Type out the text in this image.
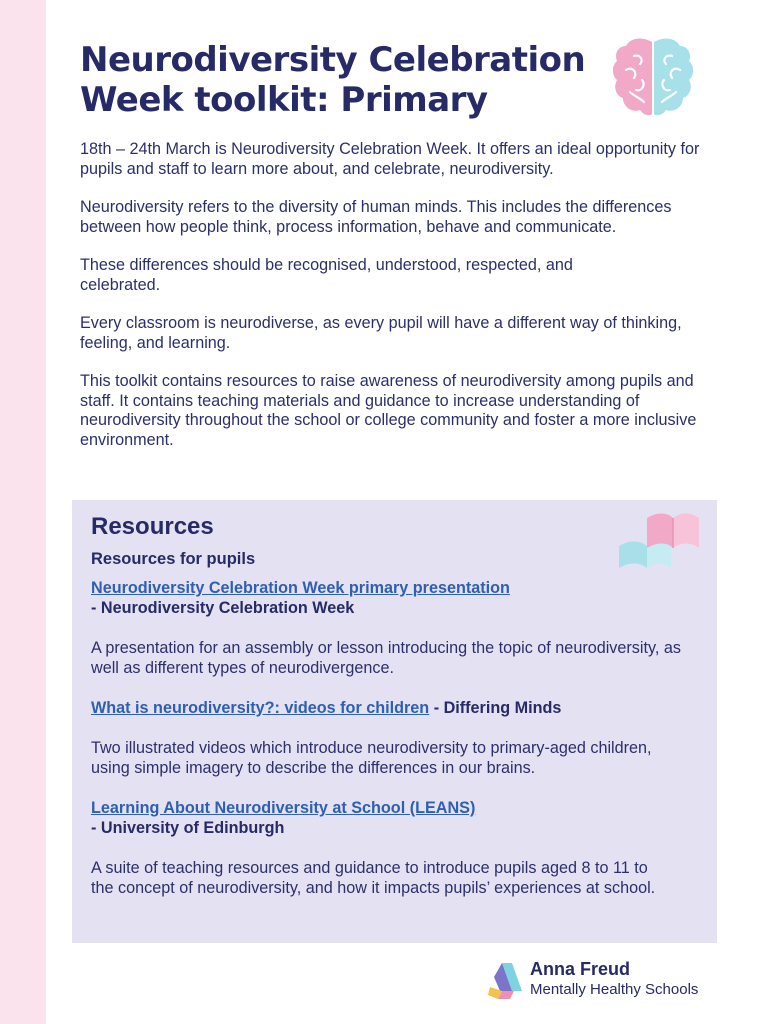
Neurodiversity Celebration Week toolkit: Primary

18th – 24th March is Neurodiversity Celebration Week. It offers an ideal opportunity for pupils and staff to learn more about, and celebrate, neurodiversity.

Neurodiversity refers to the diversity of human minds. This includes the differences between how people think, process information, behave and communicate.

These differences should be recognised, understood, respected, and celebrated.

Every classroom is neurodiverse, as every pupil will have a different way of thinking, feeling, and learning.

This toolkit contains resources to raise awareness of neurodiversity among pupils and staff. It contains teaching materials and guidance to increase understanding of neurodiversity throughout the school or college community and foster a more inclusive environment.

Resources
Resources for pupils

Neurodiversity Celebration Week primary presentation
- Neurodiversity Celebration Week

A presentation for an assembly or lesson introducing the topic of neurodiversity, as well as different types of neurodivergence.

What is neurodiversity?: videos for children - Differing Minds

Two illustrated videos which introduce neurodiversity to primary-aged children, using simple imagery to describe the differences in our brains.

Learning About Neurodiversity at School (LEANS)
- University of Edinburgh

A suite of teaching resources and guidance to introduce pupils aged 8 to 11 to the concept of neurodiversity, and how it impacts pupils’ experiences at school.

Anna Freud
Mentally Healthy Schools
